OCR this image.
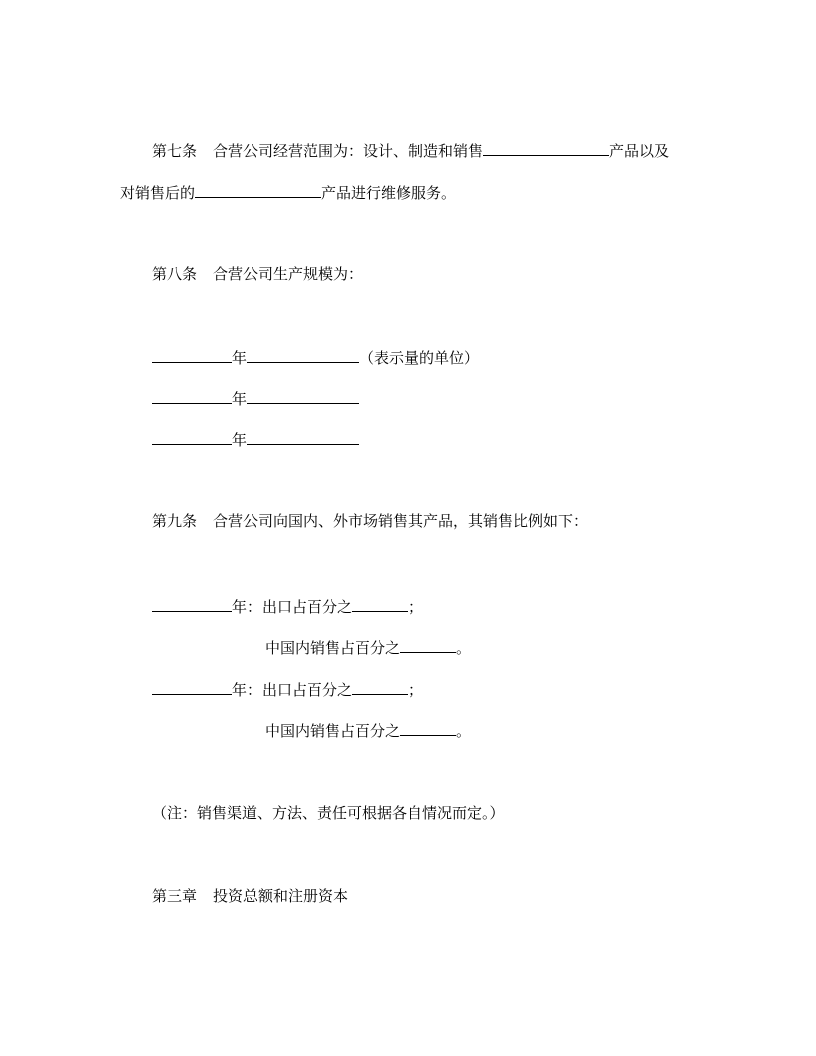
第七条 合营公司经营范围为：设计、制造和销售	产品以及
对销售后的	产品进行维修服务。
第八条 合营公司生产规模为：
年	（表示量的单位）
年
年
第九条 合营公司向国内、外市场销售其产品，其销售比例如下：
年：出口占百分之	；
中国内销售占百分之	。
年：出口占百分之	；
中国内销售占百分之	。
（注：销售渠道、方法、责任可根据各自情况而定。）
第三章 投资总额和注册资本
